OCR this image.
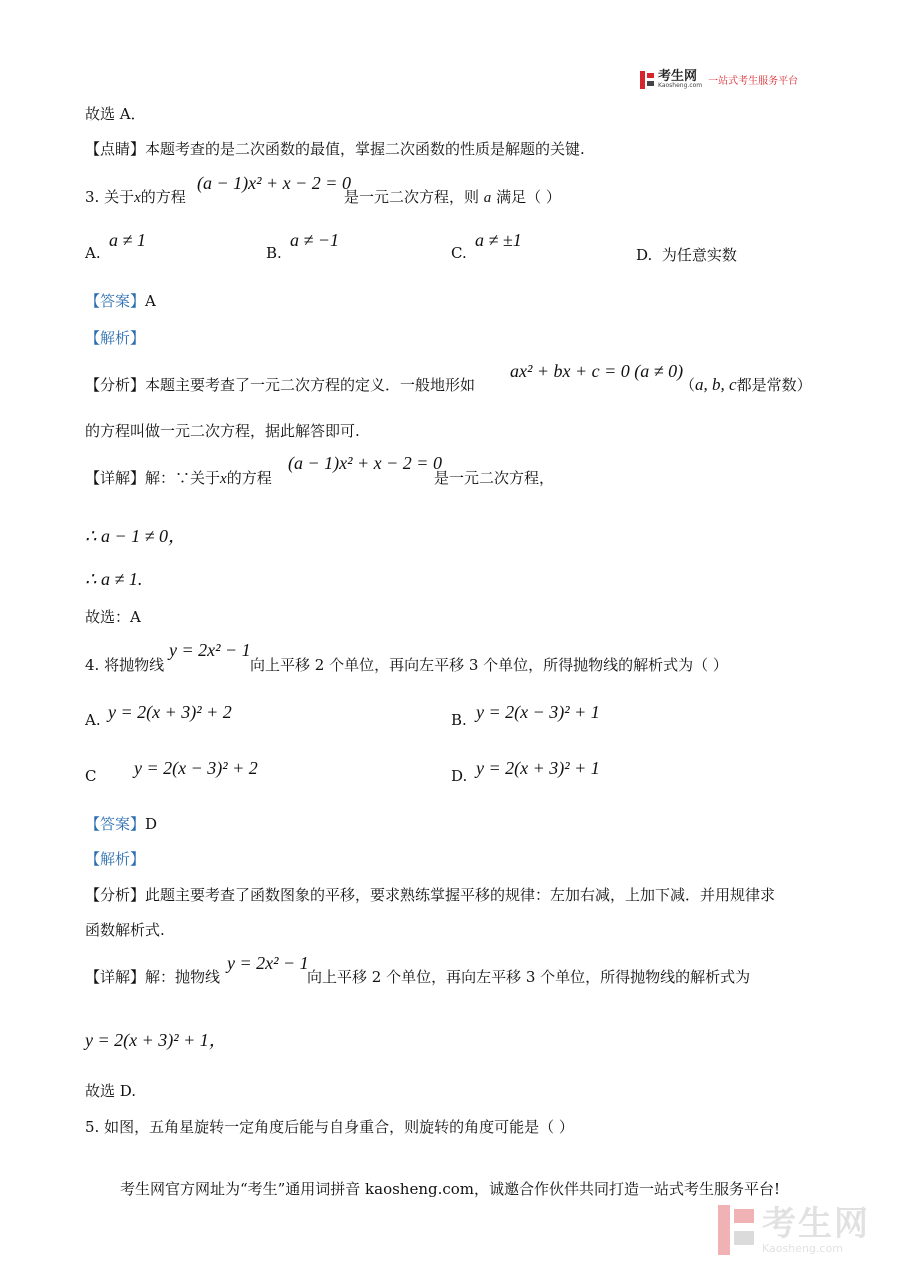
考生网
Kaosheng.com 一站式考生服务平台
故选 A．
【点睛】本题考查的是二次函数的最值，掌握二次函数的性质是解题的关键.
3. 关于x的方程
(a − 1)x² + x − 2 = 0
是一元二次方程，则 a 满足（ ）
A.
a ≠ 1
B.
a ≠ −1
C.
a ≠ ±1
D. 为任意实数
【答案】A
【解析】
【分析】本题主要考查了一元二次方程的定义．一般地形如
ax² + bx + c = 0 (a ≠ 0)
（a, b, c都是常数）
的方程叫做一元二次方程，据此解答即可.
【详解】解：∵关于x的方程
(a − 1)x² + x − 2 = 0
是一元二次方程，
∴ a − 1 ≠ 0，
∴ a ≠ 1.
故选：A
4. 将抛物线
y = 2x² − 1
向上平移 2 个单位，再向左平移 3 个单位，所得抛物线的解析式为（ ）
A. y = 2(x + 3)² + 2	B. y = 2(x − 3)² + 1
C y = 2(x − 3)² + 2	D. y = 2(x + 3)² + 1
【答案】D
【解析】
【分析】此题主要考查了函数图象的平移，要求熟练掌握平移的规律：左加右减，上加下减．并用规律求
函数解析式.
【详解】解：抛物线
y = 2x² − 1
向上平移 2 个单位，再向左平移 3 个单位，所得抛物线的解析式为
y = 2(x + 3)² + 1，
故选 D.
5. 如图，五角星旋转一定角度后能与自身重合，则旋转的角度可能是（ ）
考生网官方网址为“考生”通用词拼音 kaosheng.com，诚邀合作伙伴共同打造一站式考生服务平台!
考生网
Kaosheng.com
